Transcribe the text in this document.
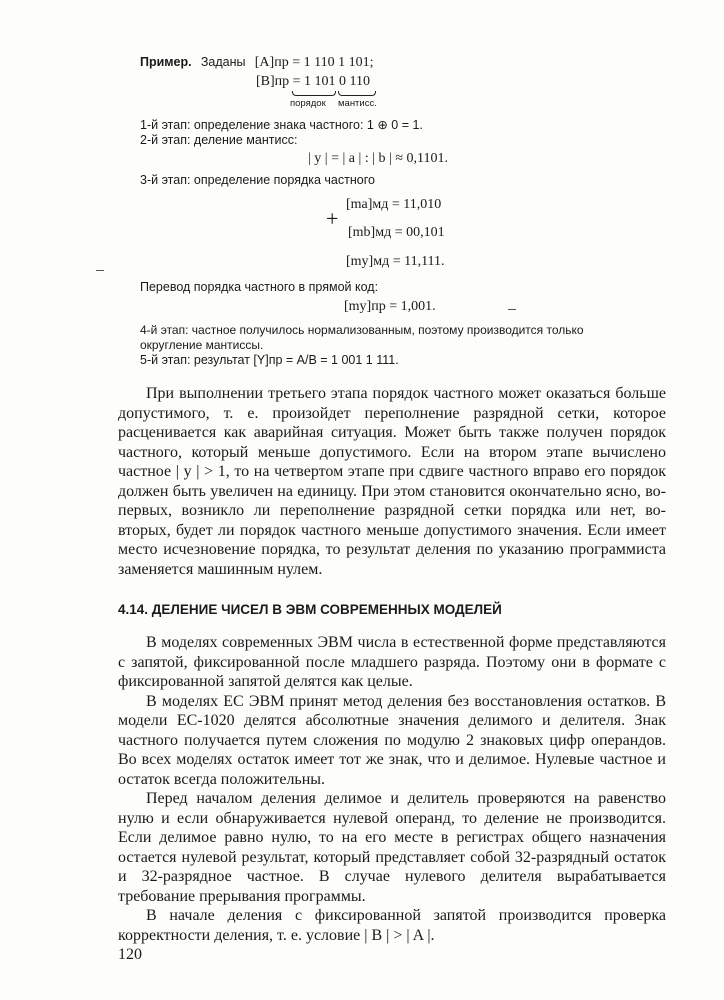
Пример. Заданы [A]пр = 1 110 1 101;
[B]пр = 1 101 0 110
порядок мантисс.
1-й этап: определение знака частного: 1 ⊕ 0 = 1.
2-й этап: деление мантисс:
| y | = | a | : | b | ≈ 0,1101.
3-й этап: определение порядка частного
[ma]мд = 11,010
+
[mb]мд = 00,101
[my]мд = 11,111.
Перевод порядка частного в прямой код:
[my]пр = 1,001.
4-й этап: частное получилось нормализованным, поэтому производится только
округление мантиссы.
5-й этап: результат [Y]пр = A/B = 1 001 1 111.

При выполнении третьего этапа порядок частного может оказаться больше допустимого, т. е. произойдет переполнение разрядной сетки, которое расценивается как аварийная ситуация. Может быть также получен порядок частного, который меньше допустимого. Если на втором этапе вычислено частное | y | > 1, то на четвертом этапе при сдвиге частного вправо его порядок должен быть увеличен на единицу. При этом становится окончательно ясно, во-первых, возникло ли переполнение разрядной сетки порядка или нет, во-вторых, будет ли порядок частного меньше допустимого значения. Если имеет место исчезновение порядка, то результат деления по указанию программиста заменяется машинным нулем.

4.14. ДЕЛЕНИЕ ЧИСЕЛ В ЭВМ СОВРЕМЕННЫХ МОДЕЛЕЙ

В моделях современных ЭВМ числа в естественной форме представляются с запятой, фиксированной после младшего разряда. Поэтому они в формате с фиксированной запятой делятся как целые.

В моделях ЕС ЭВМ принят метод деления без восстановления остатков. В модели ЕС-1020 делятся абсолютные значения делимого и делителя. Знак частного получается путем сложения по модулю 2 знаковых цифр операндов. Во всех моделях остаток имеет тот же знак, что и делимое. Нулевые частное и остаток всегда положительны.

Перед началом деления делимое и делитель проверяются на равенство нулю и если обнаруживается нулевой операнд, то деление не производится. Если делимое равно нулю, то на его месте в регистрах общего назначения остается нулевой результат, который представляет собой 32-разрядный остаток и 32-разрядное частное. В случае нулевого делителя вырабатывается требование прерывания программы.

В начале деления с фиксированной запятой производится проверка корректности деления, т. е. условие | B | > | A |.

120
